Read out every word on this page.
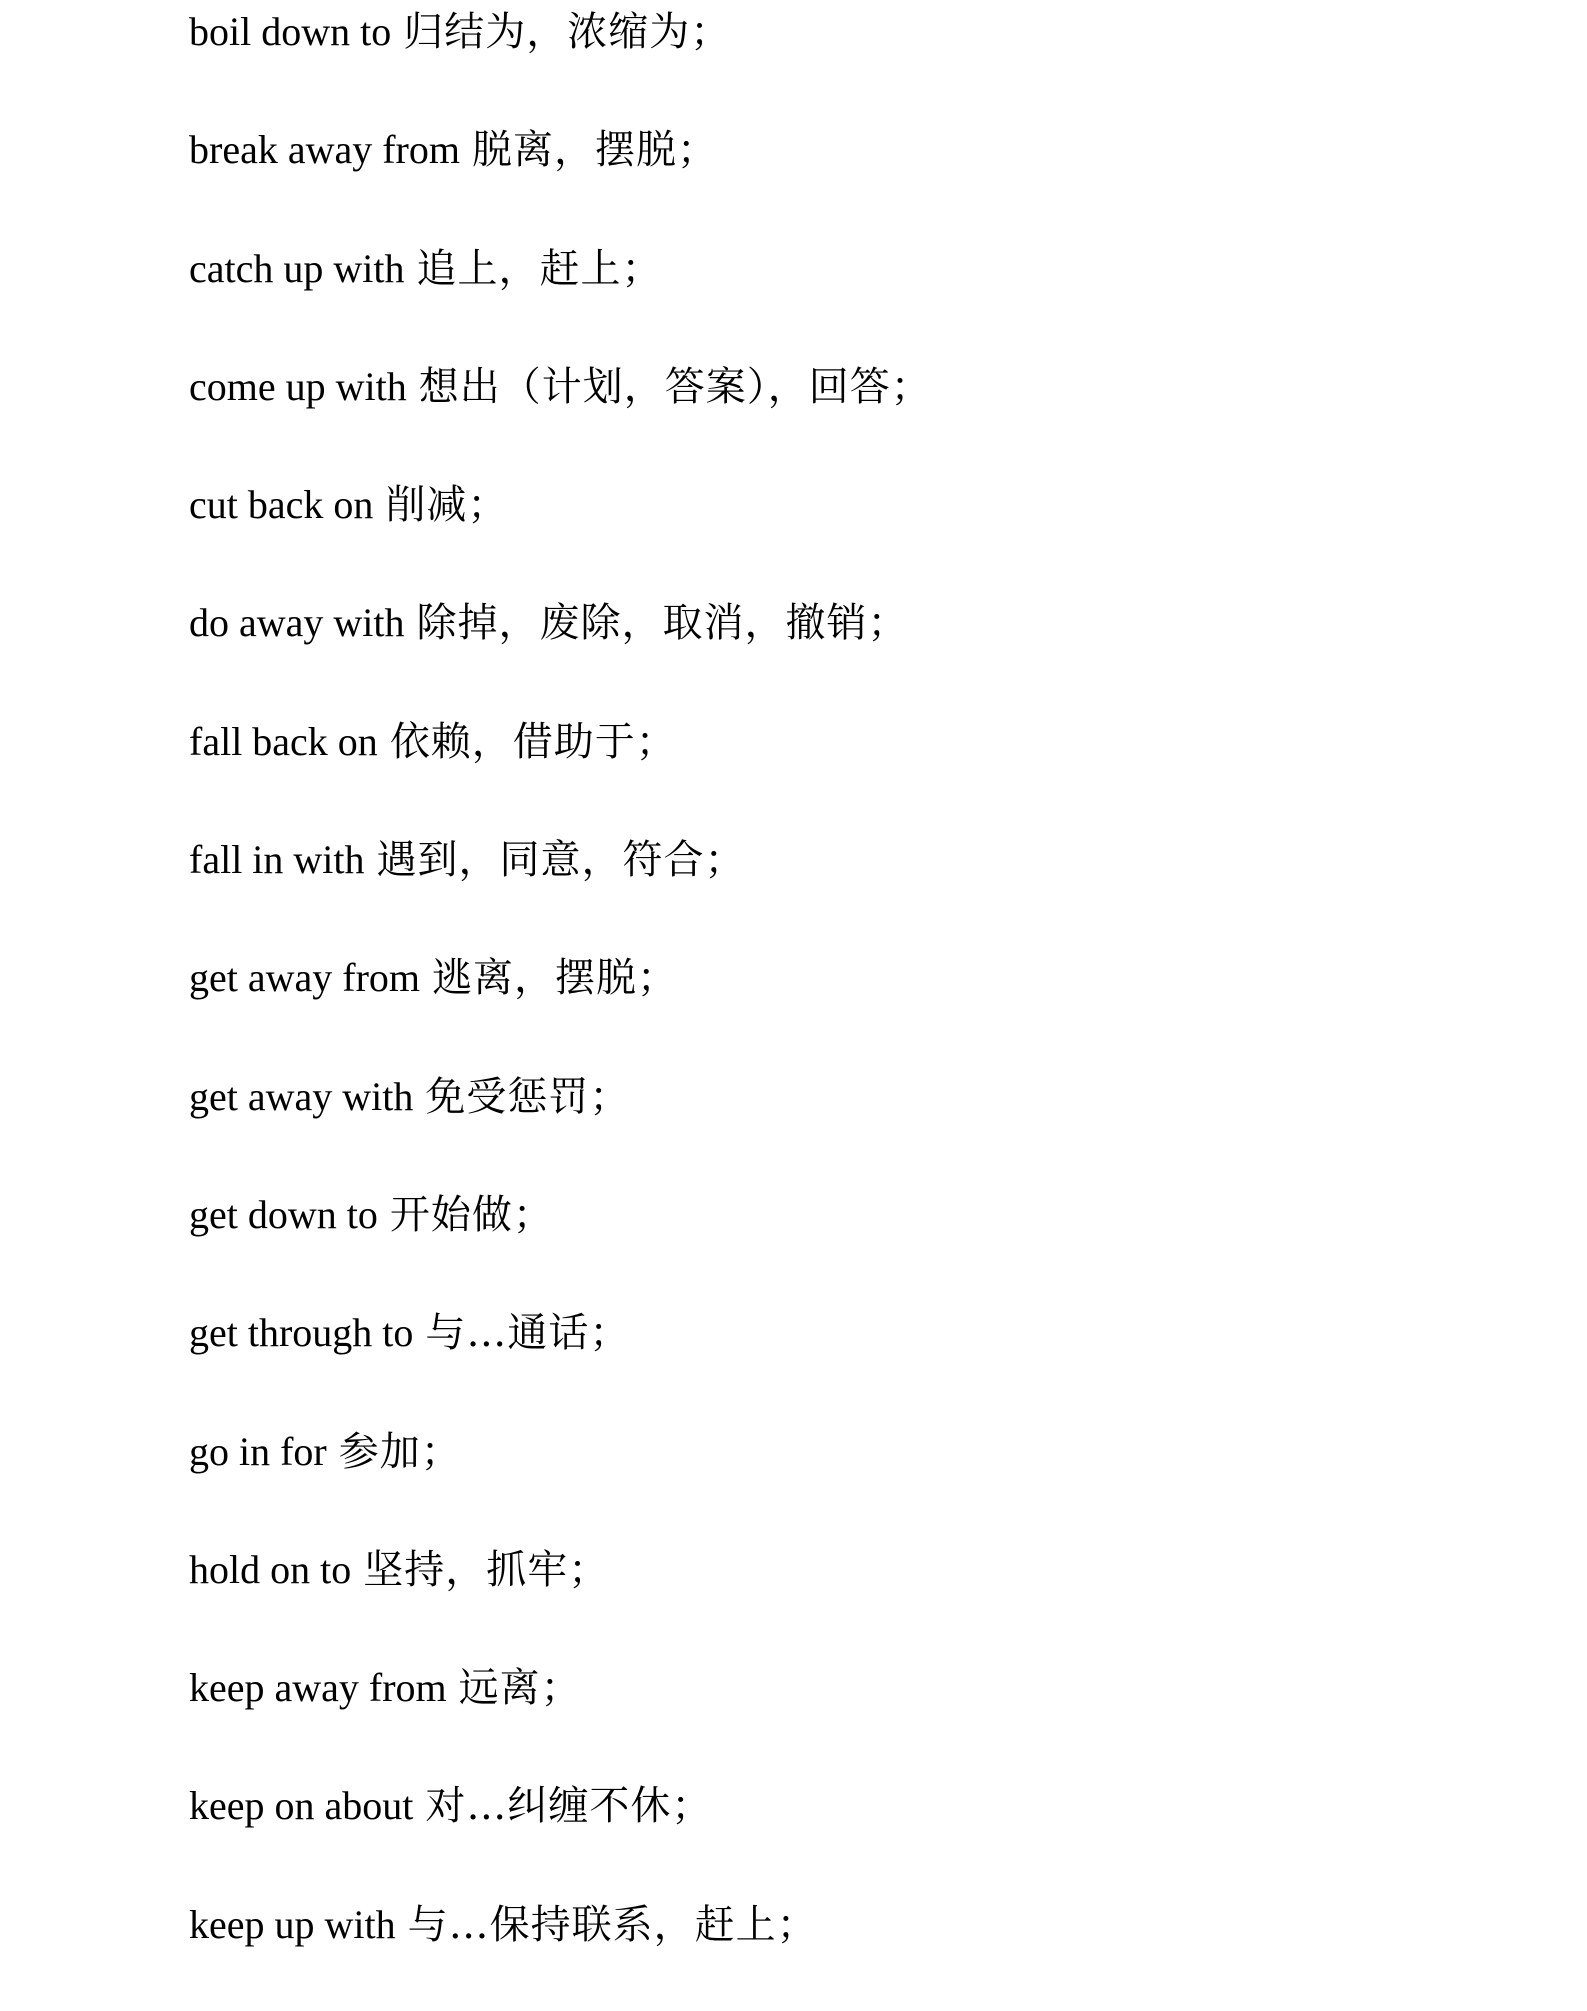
boil down to 归结为，浓缩为；
break away from 脱离，摆脱；
catch up with 追上，赶上；
come up with 想出（计划，答案），回答；
cut back on 削减；
do away with 除掉，废除，取消，撤销；
fall back on 依赖，借助于；
fall in with 遇到，同意，符合；
get away from 逃离，摆脱；
get away with 免受惩罚；
get down to 开始做；
get through to 与…通话；
go in for 参加；
hold on to 坚持，抓牢；
keep away from 远离；
keep on about 对…纠缠不休；
keep up with 与…保持联系，赶上；
